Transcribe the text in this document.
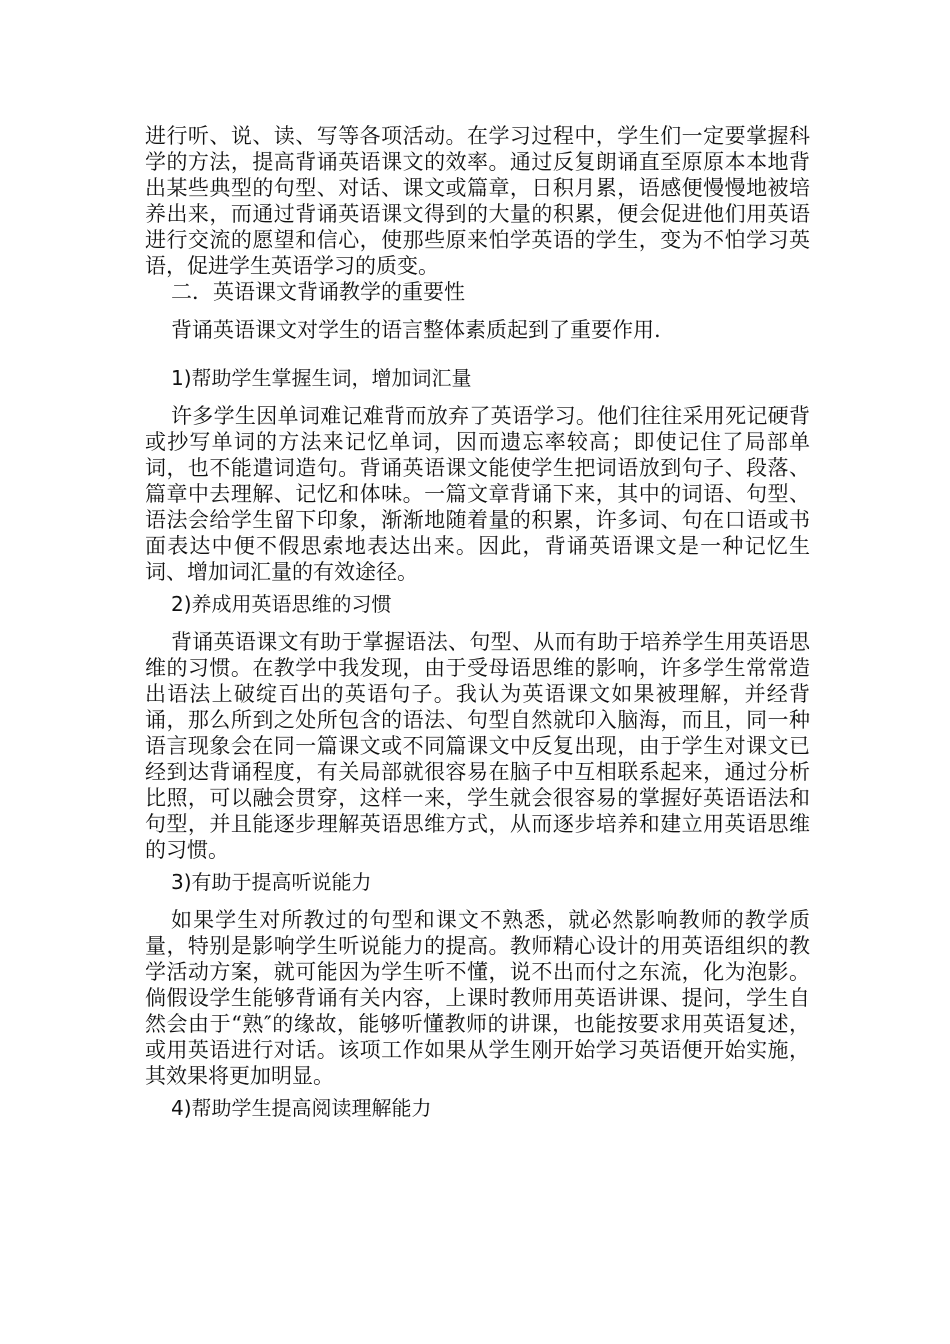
进行听、说、读、写等各项活动。在学习过程中，学生们一定要掌握科学的方法，提高背诵英语课文的效率。通过反复朗诵直至原原本本地背出某些典型的句型、对话、课文或篇章，日积月累，语感便慢慢地被培养出来，而通过背诵英语课文得到的大量的积累，便会促进他们用英语进行交流的愿望和信心，使那些原来怕学英语的学生，变为不怕学习英语，促进学生英语学习的质变。

二．英语课文背诵教学的重要性

背诵英语课文对学生的语言整体素质起到了重要作用.

1)帮助学生掌握生词，增加词汇量

许多学生因单词难记难背而放弃了英语学习。他们往往采用死记硬背或抄写单词的方法来记忆单词，因而遗忘率较高；即使记住了局部单词，也不能遣词造句。背诵英语课文能使学生把词语放到句子、段落、篇章中去理解、记忆和体味。一篇文章背诵下来，其中的词语、句型、语法会给学生留下印象，渐渐地随着量的积累，许多词、句在口语或书面表达中便不假思索地表达出来。因此，背诵英语课文是一种记忆生词、增加词汇量的有效途径。

2)养成用英语思维的习惯

背诵英语课文有助于掌握语法、句型、从而有助于培养学生用英语思维的习惯。在教学中我发现，由于受母语思维的影响，许多学生常常造出语法上破绽百出的英语句子。我认为英语课文如果被理解，并经背诵，那么所到之处所包含的语法、句型自然就印入脑海，而且，同一种语言现象会在同一篇课文或不同篇课文中反复出现，由于学生对课文已经到达背诵程度，有关局部就很容易在脑子中互相联系起来，通过分析比照，可以融会贯穿，这样一来，学生就会很容易的掌握好英语语法和句型，并且能逐步理解英语思维方式，从而逐步培养和建立用英语思维的习惯。

3)有助于提高听说能力

如果学生对所教过的句型和课文不熟悉，就必然影响教师的教学质量，特别是影响学生听说能力的提高。教师精心设计的用英语组织的教学活动方案，就可能因为学生听不懂，说不出而付之东流，化为泡影。倘假设学生能够背诵有关内容，上课时教师用英语讲课、提问，学生自然会由于“熟″的缘故，能够听懂教师的讲课，也能按要求用英语复述，或用英语进行对话。该项工作如果从学生刚开始学习英语便开始实施，其效果将更加明显。

4)帮助学生提高阅读理解能力
